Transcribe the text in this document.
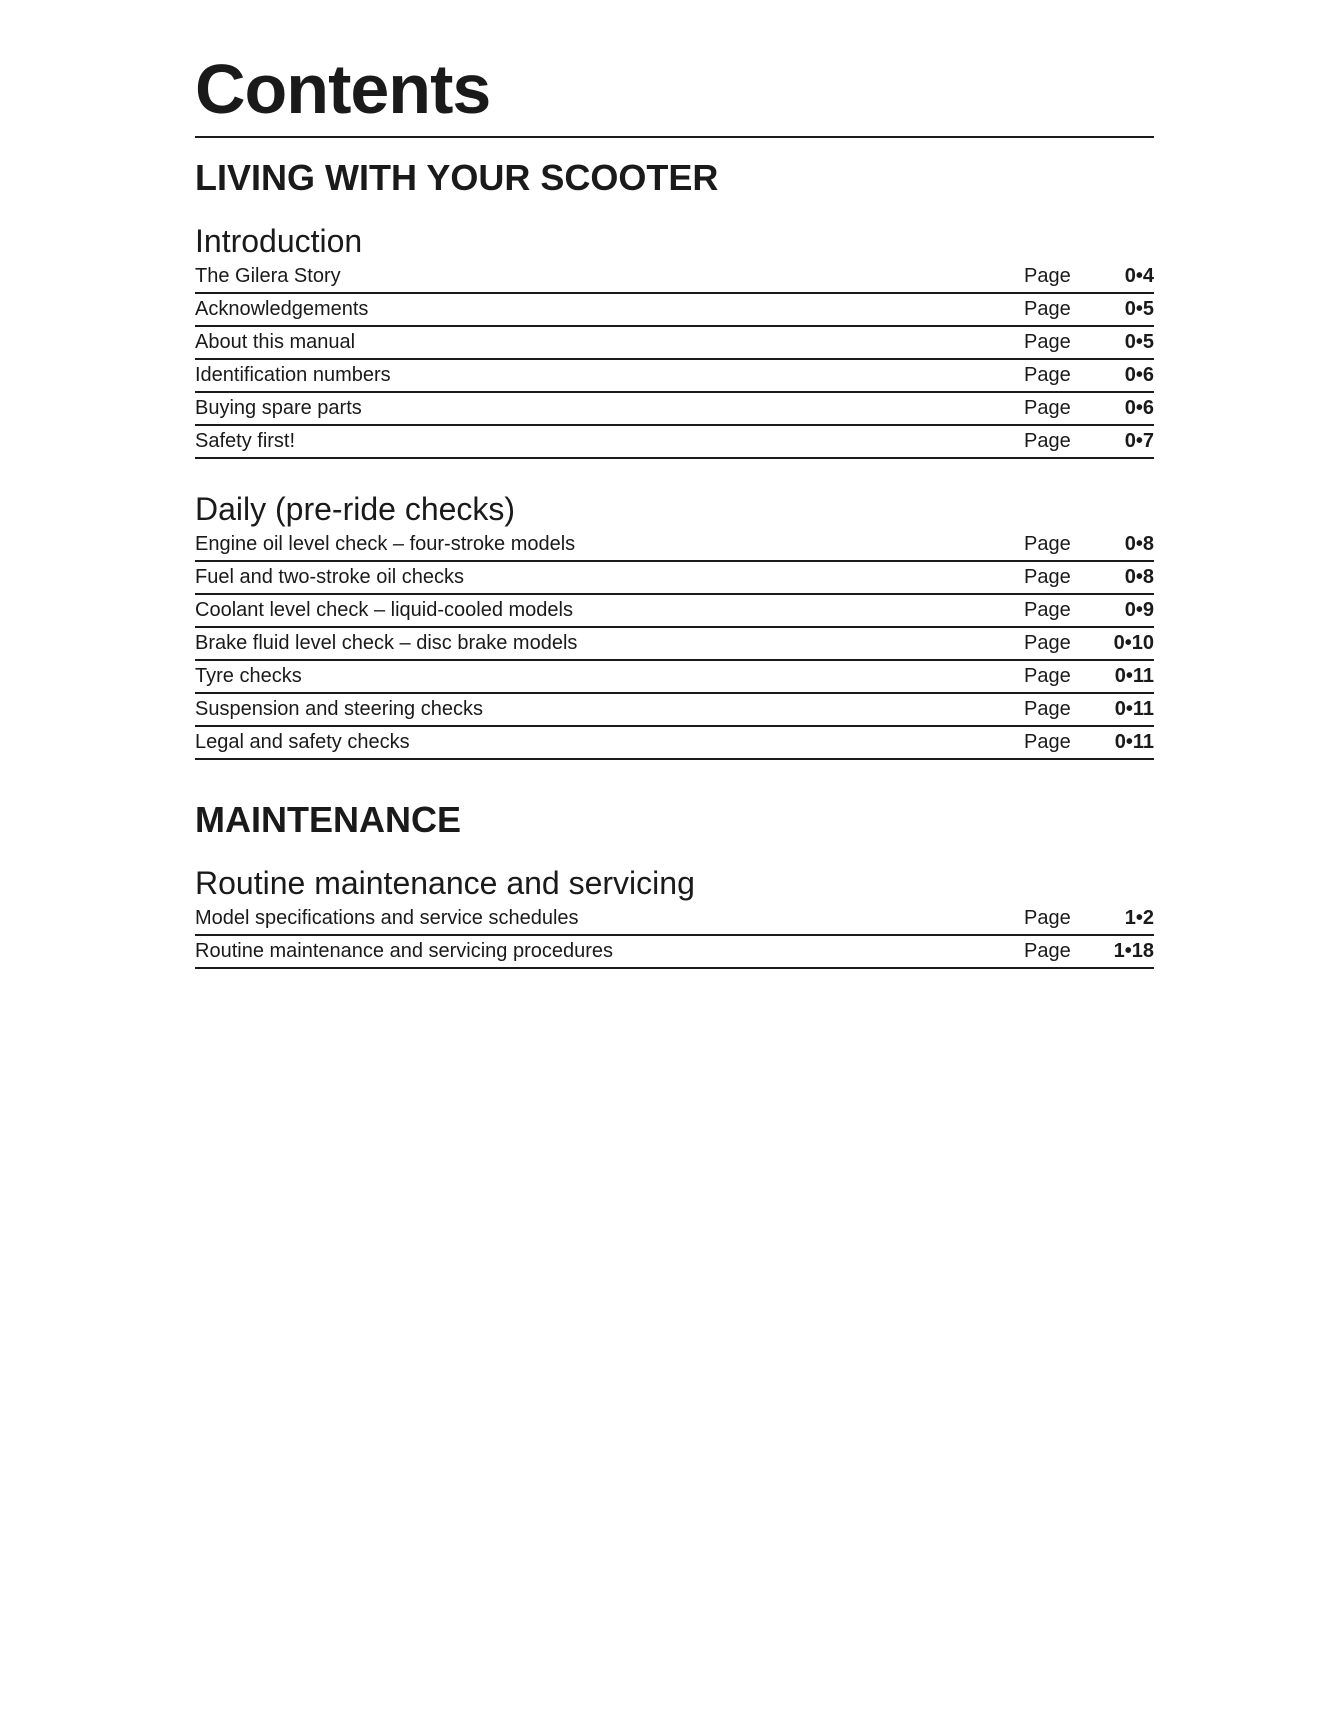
Contents
LIVING WITH YOUR SCOOTER
Introduction
The Gilera Story	Page	0•4
Acknowledgements	Page	0•5
About this manual	Page	0•5
Identification numbers	Page	0•6
Buying spare parts	Page	0•6
Safety first!	Page	0•7
Daily (pre-ride checks)
Engine oil level check – four-stroke models	Page	0•8
Fuel and two-stroke oil checks	Page	0•8
Coolant level check – liquid-cooled models	Page	0•9
Brake fluid level check – disc brake models	Page	0•10
Tyre checks	Page	0•11
Suspension and steering checks	Page	0•11
Legal and safety checks	Page	0•11
MAINTENANCE
Routine maintenance and servicing
Model specifications and service schedules	Page	1•2
Routine maintenance and servicing procedures	Page	1•18
